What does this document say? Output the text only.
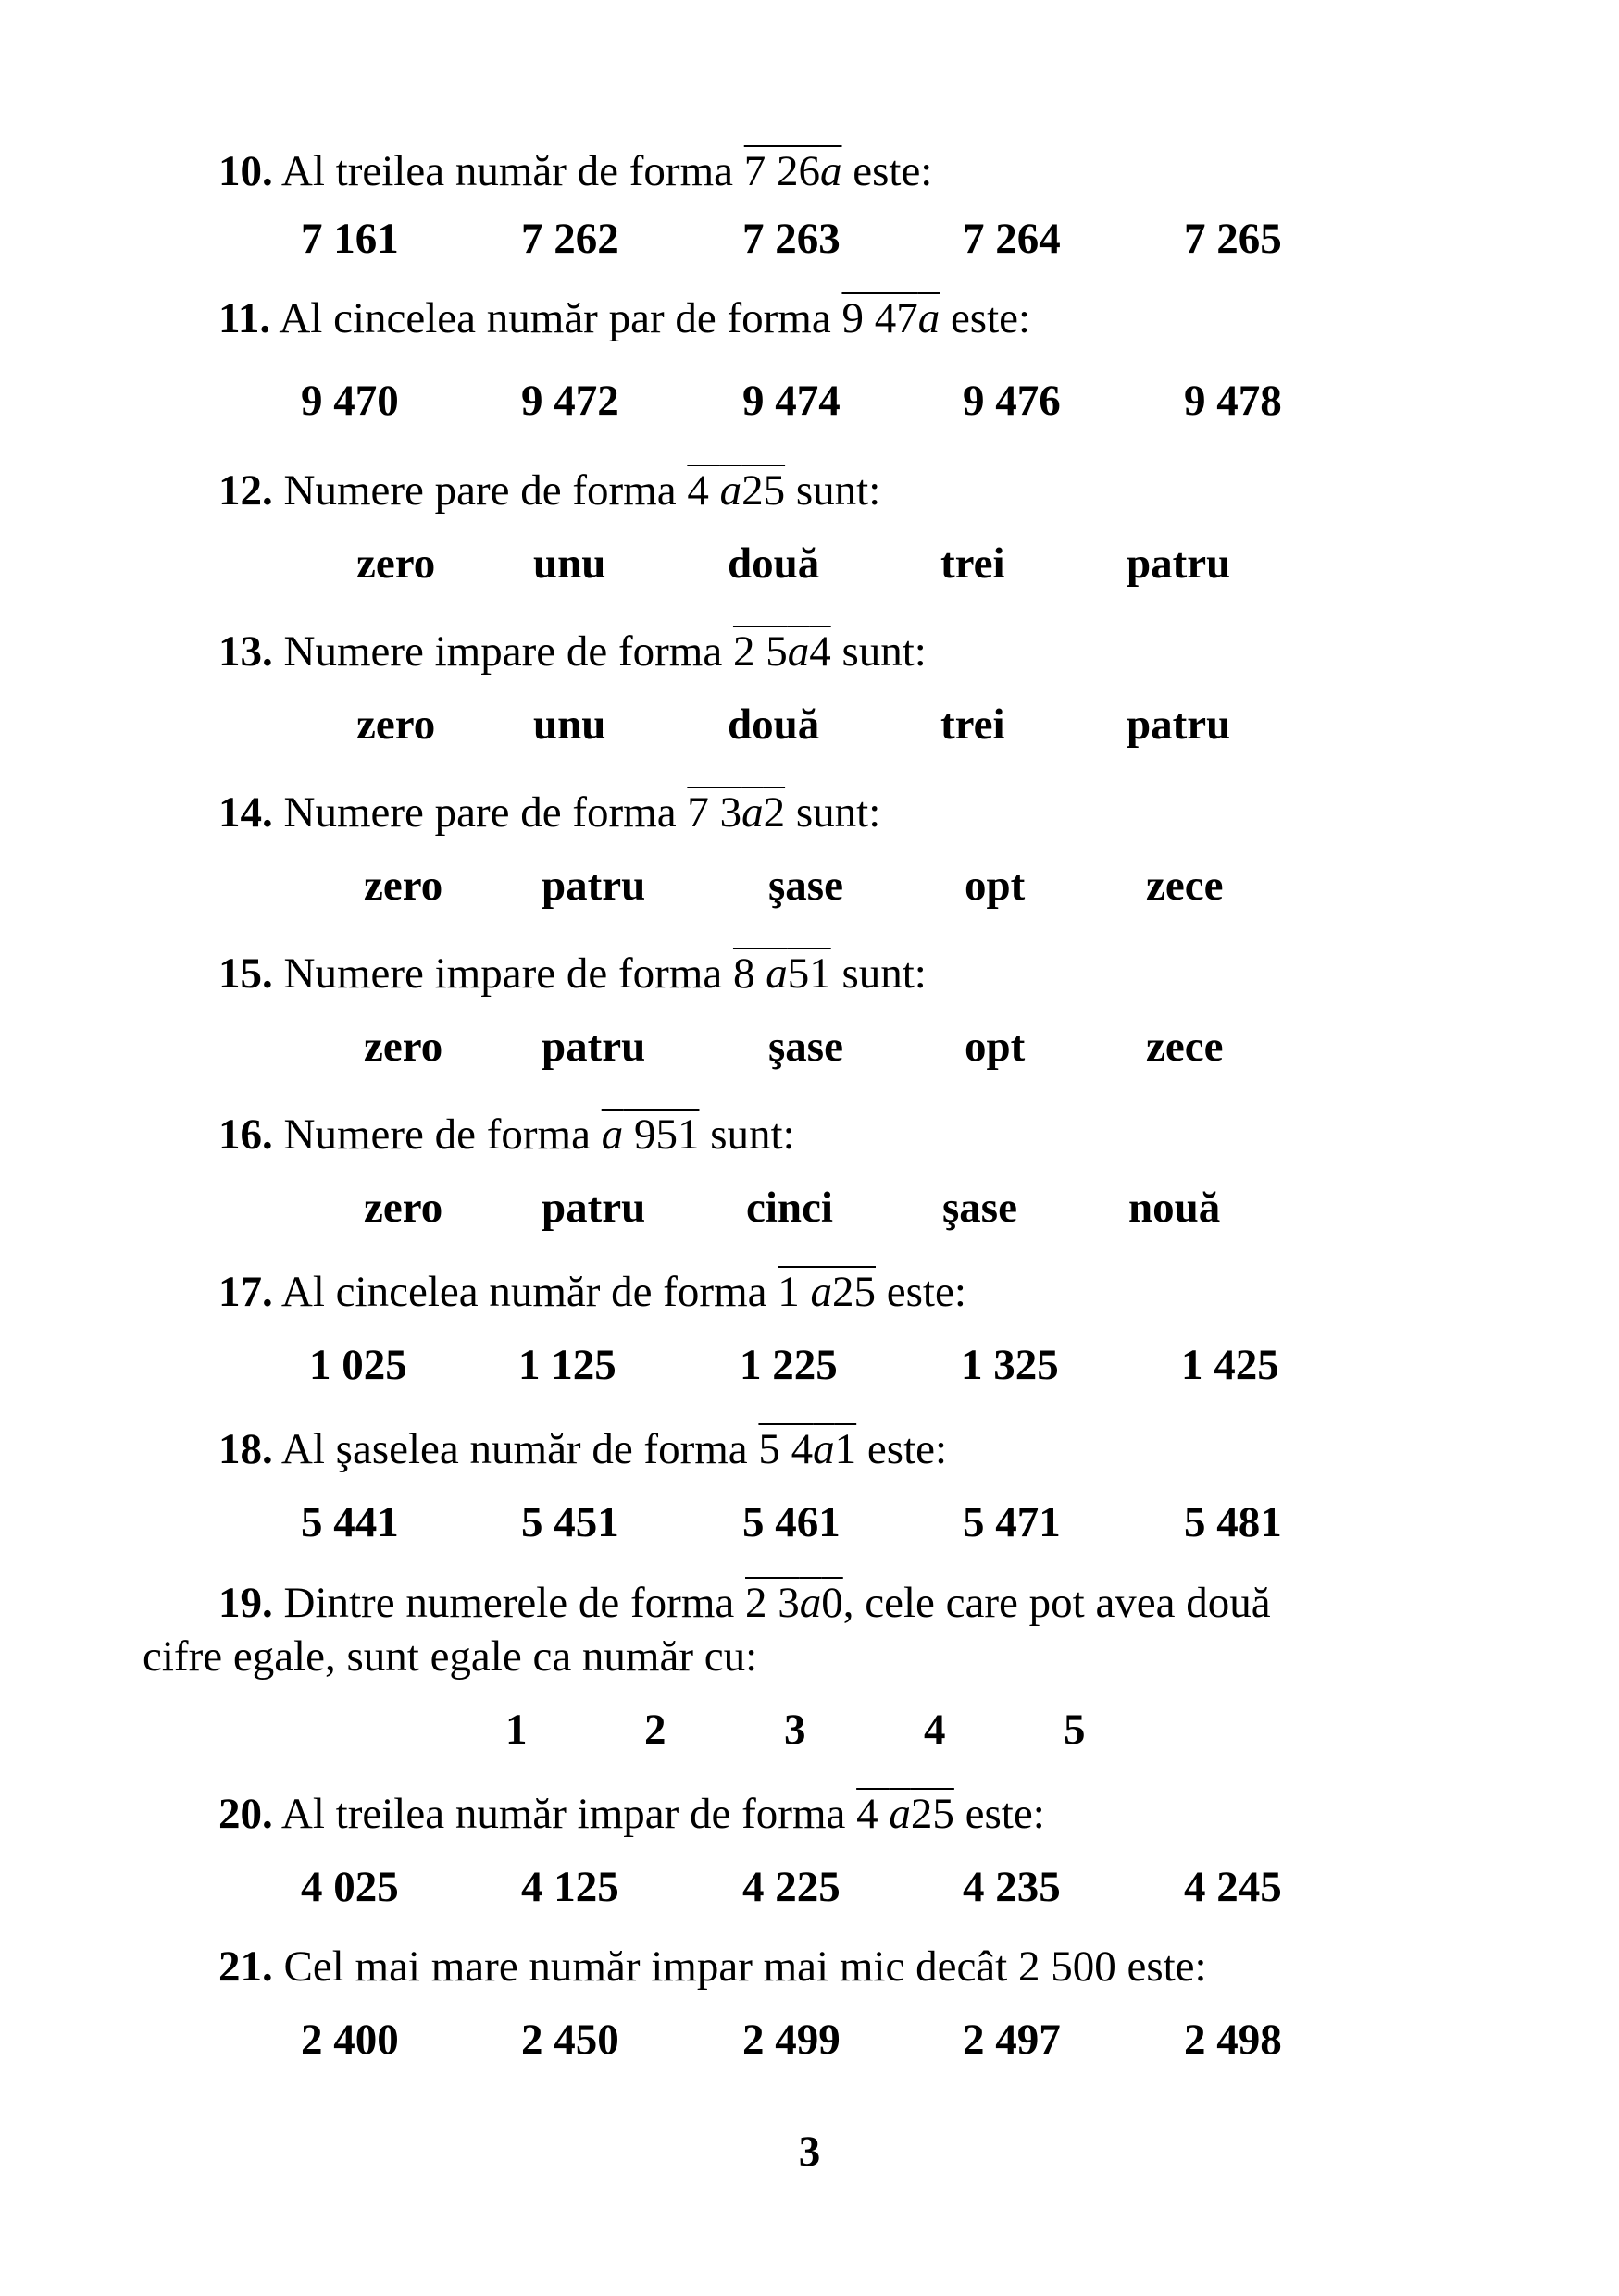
10. Al treilea număr de forma 7 26a este:
7 161	7 262	7 263	7 264	7 265
11. Al cincelea număr par de forma 9 47a este:
9 470	9 472	9 474	9 476	9 478
12. Numere pare de forma 4 a25 sunt:
zero unu	două	trei	patru
13. Numere impare de forma 2 5a4 sunt:
zero unu	două	trei	patru
14. Numere pare de forma 7 3a2 sunt:
zero patru	şase	opt	zece
15. Numere impare de forma 8 a51 sunt:
zero patru	şase	opt	zece
16. Numere de forma a 951 sunt:
zero patru cinci	şase	nouă
17. Al cincelea număr de forma 1 a25 este:
1 025	1 125	1 225	1 325	1 425
18. Al şaselea număr de forma 5 4a1 este:
5 441	5 451	5 461	5 471	5 481
19. Dintre numerele de forma 2 3a0, cele care pot avea două
cifre egale, sunt egale ca număr cu:
1	2	3	4	5
20. Al treilea număr impar de forma 4 a25 este:
4 025	4 125	4 225	4 235	4 245
21. Cel mai mare număr impar mai mic decât 2 500 este:
2 400	2 450	2 499	2 497	2 498
3
